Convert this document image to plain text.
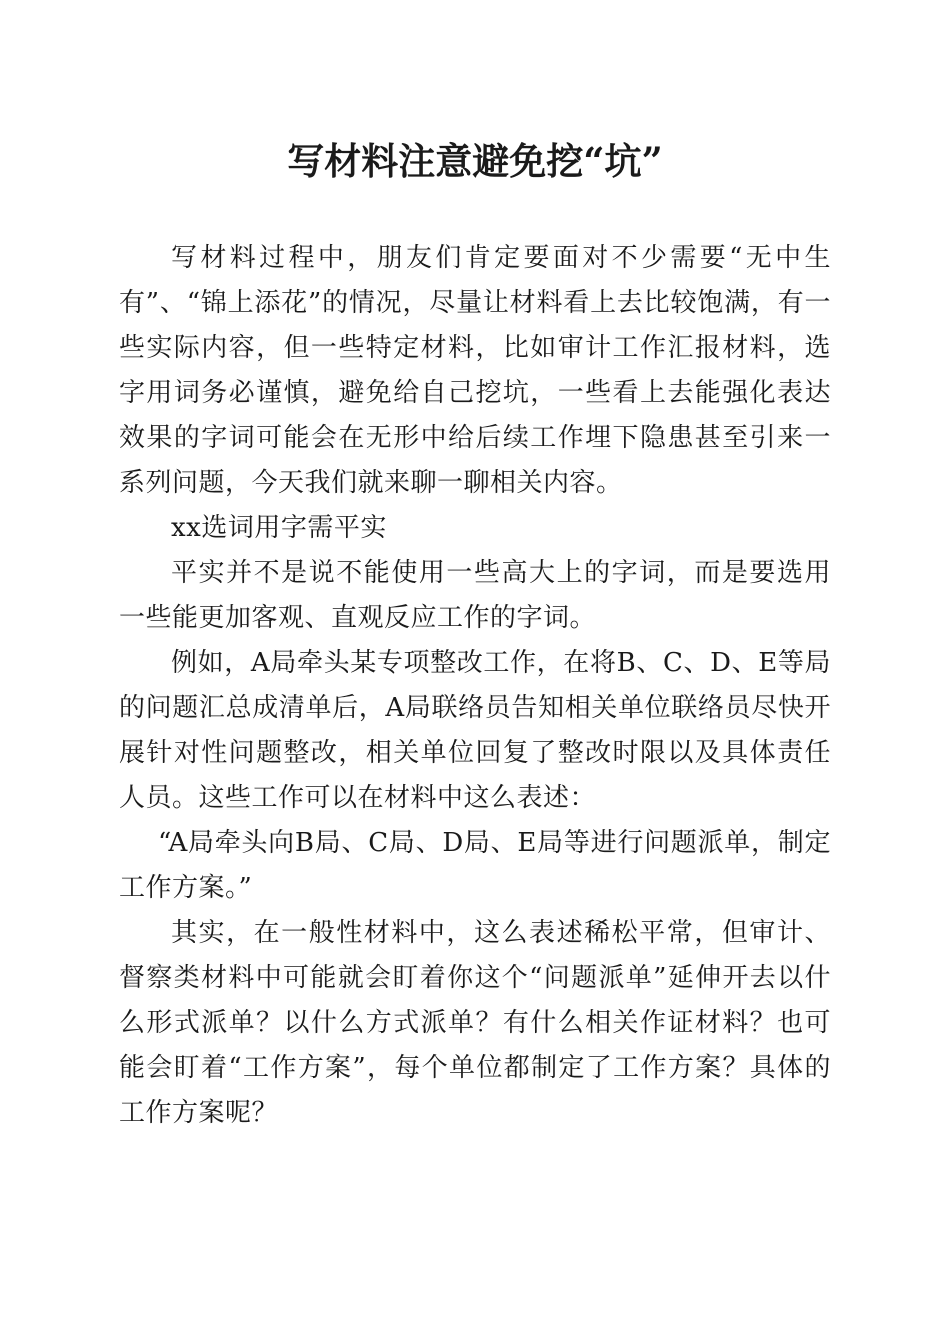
写材料注意避免挖“坑”

写材料过程中，朋友们肯定要面对不少需要“无中生有”、“锦上添花”的情况，尽量让材料看上去比较饱满，有一些实际内容，但一些特定材料，比如审计工作汇报材料，选字用词务必谨慎，避免给自己挖坑，一些看上去能强化表达效果的字词可能会在无形中给后续工作埋下隐患甚至引来一系列问题，今天我们就来聊一聊相关内容。

xx选词用字需平实

平实并不是说不能使用一些高大上的字词，而是要选用一些能更加客观、直观反应工作的字词。

例如，A局牵头某专项整改工作，在将B、C、D、E等局的问题汇总成清单后，A局联络员告知相关单位联络员尽快开展针对性问题整改，相关单位回复了整改时限以及具体责任人员。这些工作可以在材料中这么表述：

“A局牵头向B局、C局、D局、E局等进行问题派单，制定工作方案。”

其实，在一般性材料中，这么表述稀松平常，但审计、督察类材料中可能就会盯着你这个“问题派单”延伸开去以什么形式派单？以什么方式派单？有什么相关作证材料？也可能会盯着“工作方案”，每个单位都制定了工作方案？具体的工作方案呢？
